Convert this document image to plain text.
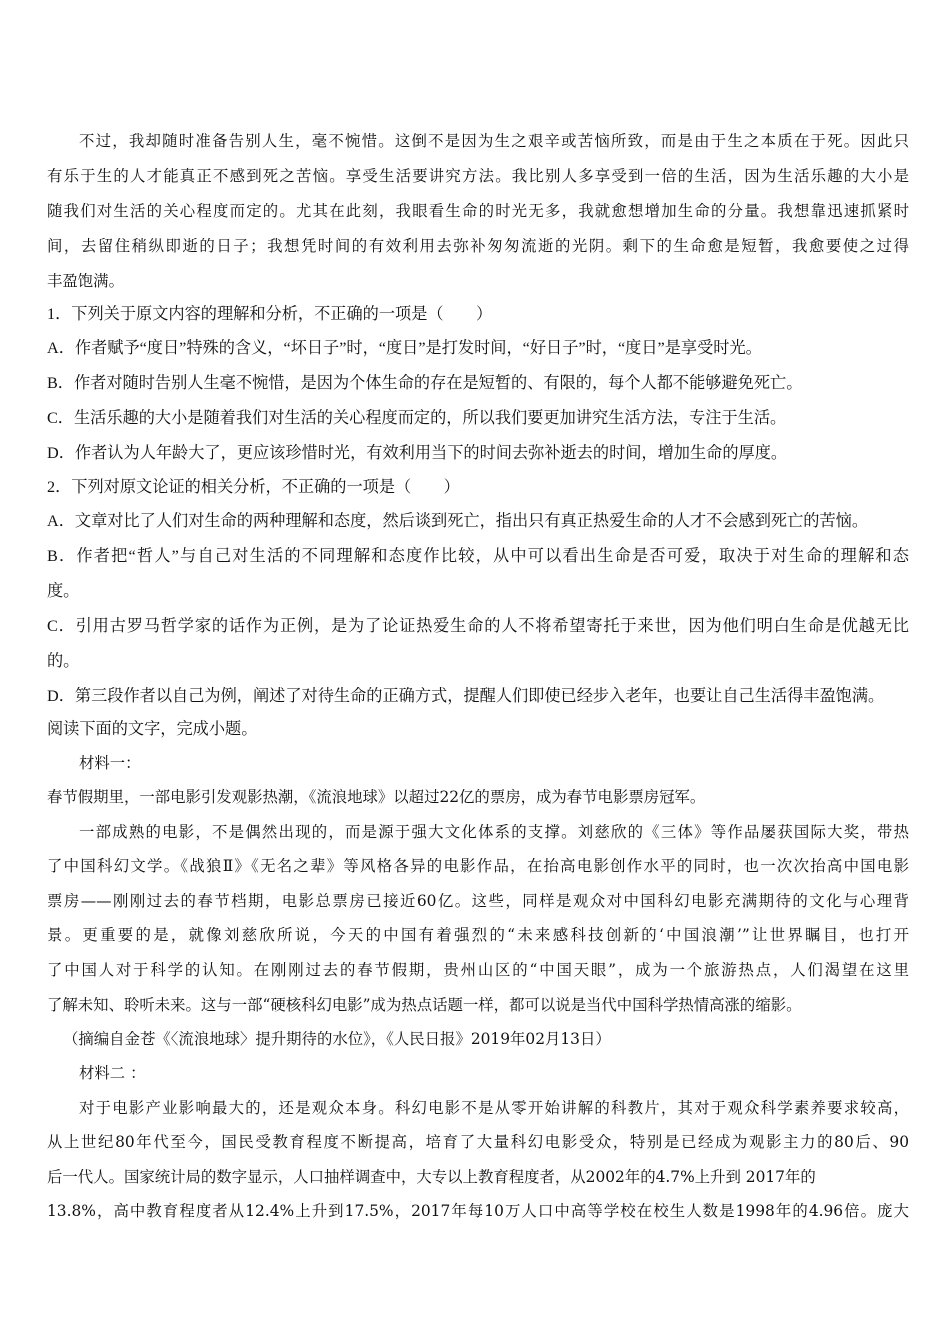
不过，我却随时准备告别人生，毫不惋惜。这倒不是因为生之艰辛或苦恼所致，而是由于生之本质在于死。因此只
有乐于生的人才能真正不感到死之苦恼。享受生活要讲究方法。我比别人多享受到一倍的生活，因为生活乐趣的大小是
随我们对生活的关心程度而定的。尤其在此刻，我眼看生命的时光无多，我就愈想增加生命的分量。我想靠迅速抓紧时
间，去留住稍纵即逝的日子；我想凭时间的有效利用去弥补匆匆流逝的光阴。剩下的生命愈是短暂，我愈要使之过得
丰盈饱满。
1．下列关于原文内容的理解和分析，不正确的一项是（　　）
A．作者赋予“度日”特殊的含义，“坏日子”时，“度日”是打发时间，“好日子”时，“度日”是享受时光。
B．作者对随时告别人生毫不惋惜，是因为个体生命的存在是短暂的、有限的，每个人都不能够避免死亡。
C．生活乐趣的大小是随着我们对生活的关心程度而定的，所以我们要更加讲究生活方法，专注于生活。
D．作者认为人年龄大了，更应该珍惜时光，有效利用当下的时间去弥补逝去的时间，增加生命的厚度。
2．下列对原文论证的相关分析，不正确的一项是（　　）
A．文章对比了人们对生命的两种理解和态度，然后谈到死亡，指出只有真正热爱生命的人才不会感到死亡的苦恼。
B．作者把“哲人”与自己对生活的不同理解和态度作比较，从中可以看出生命是否可爱，取决于对生命的理解和态
度。
C．引用古罗马哲学家的话作为正例，是为了论证热爱生命的人不将希望寄托于来世，因为他们明白生命是优越无比
的。
D．第三段作者以自己为例，阐述了对待生命的正确方式，提醒人们即使已经步入老年，也要让自己生活得丰盈饱满。
阅读下面的文字，完成小题。
材料一：
春节假期里，一部电影引发观影热潮，《流浪地球》以超过22亿的票房，成为春节电影票房冠军。
一部成熟的电影，不是偶然出现的，而是源于强大文化体系的支撑。刘慈欣的《三体》等作品屡获国际大奖，带热
了中国科幻文学。《战狼Ⅱ》《无名之辈》等风格各异的电影作品，在抬高电影创作水平的同时，也一次次抬高中国电影
票房——刚刚过去的春节档期，电影总票房已接近60亿。这些，同样是观众对中国科幻电影充满期待的文化与心理背
景。更重要的是，就像刘慈欣所说，今天的中国有着强烈的“未来感科技创新的‘中国浪潮’”让世界瞩目，也打开
了中国人对于科学的认知。在刚刚过去的春节假期，贵州山区的“中国天眼”，成为一个旅游热点，人们渴望在这里
了解未知、聆听未来。这与一部“硬核科幻电影”成为热点话题一样，都可以说是当代中国科学热情高涨的缩影。
（摘编自金苍《〈流浪地球〉提升期待的水位》，《人民日报》2019年02月13日）
材料二 ：
对于电影产业影响最大的，还是观众本身。科幻电影不是从零开始讲解的科教片，其对于观众科学素养要求较高，
从上世纪80年代至今，国民受教育程度不断提高，培育了大量科幻电影受众，特别是已经成为观影主力的80后、90
后一代人。国家统计局的数字显示，人口抽样调查中，大专以上教育程度者，从2002年的4.7%上升到 2017年的
13.8%，高中教育程度者从12.4%上升到17.5%，2017年每10万人口中高等学校在校生人数是1998年的4.96倍。庞大
